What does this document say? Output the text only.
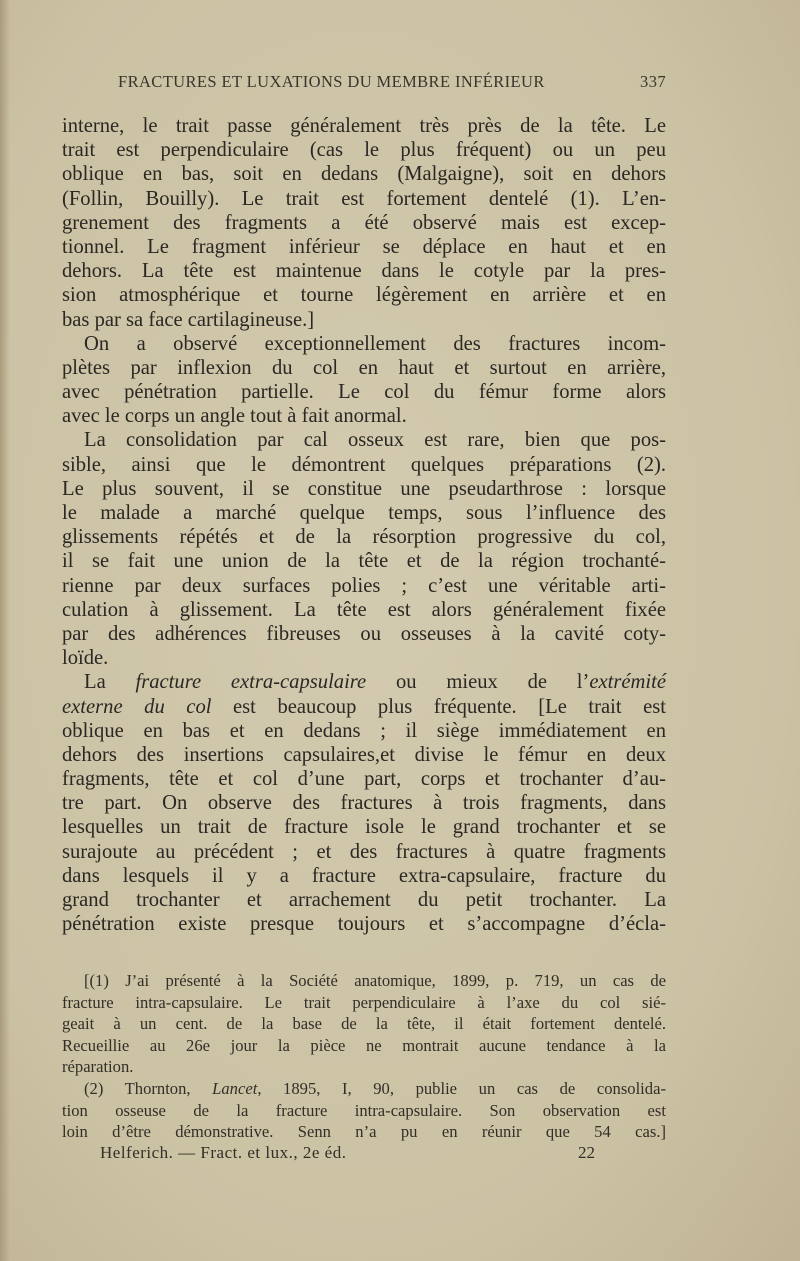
FRACTURES ET LUXATIONS DU MEMBRE INFÉRIEUR	337
interne, le trait passe généralement très près de la tête. Le
trait est perpendiculaire (cas le plus fréquent) ou un peu
oblique en bas, soit en dedans (Malgaigne), soit en dehors
(Follin, Bouilly). Le trait est fortement dentelé (1). L’en-
grenement des fragments a été observé mais est excep-
tionnel. Le fragment inférieur se déplace en haut et en
dehors. La tête est maintenue dans le cotyle par la pres-
sion atmosphérique et tourne légèrement en arrière et en
bas par sa face cartilagineuse.]
On a observé exceptionnellement des fractures incom-
plètes par inflexion du col en haut et surtout en arrière,
avec pénétration partielle. Le col du fémur forme alors
avec le corps un angle tout à fait anormal.
La consolidation par cal osseux est rare, bien que pos-
sible, ainsi que le démontrent quelques préparations (2).
Le plus souvent, il se constitue une pseudarthrose : lorsque
le malade a marché quelque temps, sous l’influence des
glissements répétés et de la résorption progressive du col,
il se fait une union de la tête et de la région trochanté-
rienne par deux surfaces polies ; c’est une véritable arti-
culation à glissement. La tête est alors généralement fixée
par des adhérences fibreuses ou osseuses à la cavité coty-
loïde.
La fracture extra-capsulaire ou mieux de l’extrémité
externe du col est beaucoup plus fréquente. [Le trait est
oblique en bas et en dedans ; il siège immédiatement en
dehors des insertions capsulaires,et divise le fémur en deux
fragments, tête et col d’une part, corps et trochanter d’au-
tre part. On observe des fractures à trois fragments, dans
lesquelles un trait de fracture isole le grand trochanter et se
surajoute au précédent ; et des fractures à quatre fragments
dans lesquels il y a fracture extra-capsulaire, fracture du
grand trochanter et arrachement du petit trochanter. La
pénétration existe presque toujours et s’accompagne d’écla-
[(1) J’ai présenté à la Société anatomique, 1899, p. 719, un cas de
fracture intra-capsulaire. Le trait perpendiculaire à l’axe du col sié-
geait à un cent. de la base de la tête, il était fortement dentelé.
Recueillie au 26e jour la pièce ne montrait aucune tendance à la
réparation.
(2) Thornton, Lancet, 1895, I, 90, publie un cas de consolida-
tion osseuse de la fracture intra-capsulaire. Son observation est
loin d’être démonstrative. Senn n’a pu en réunir que 54 cas.]
Helferich. — Fract. et lux., 2e éd.	22
